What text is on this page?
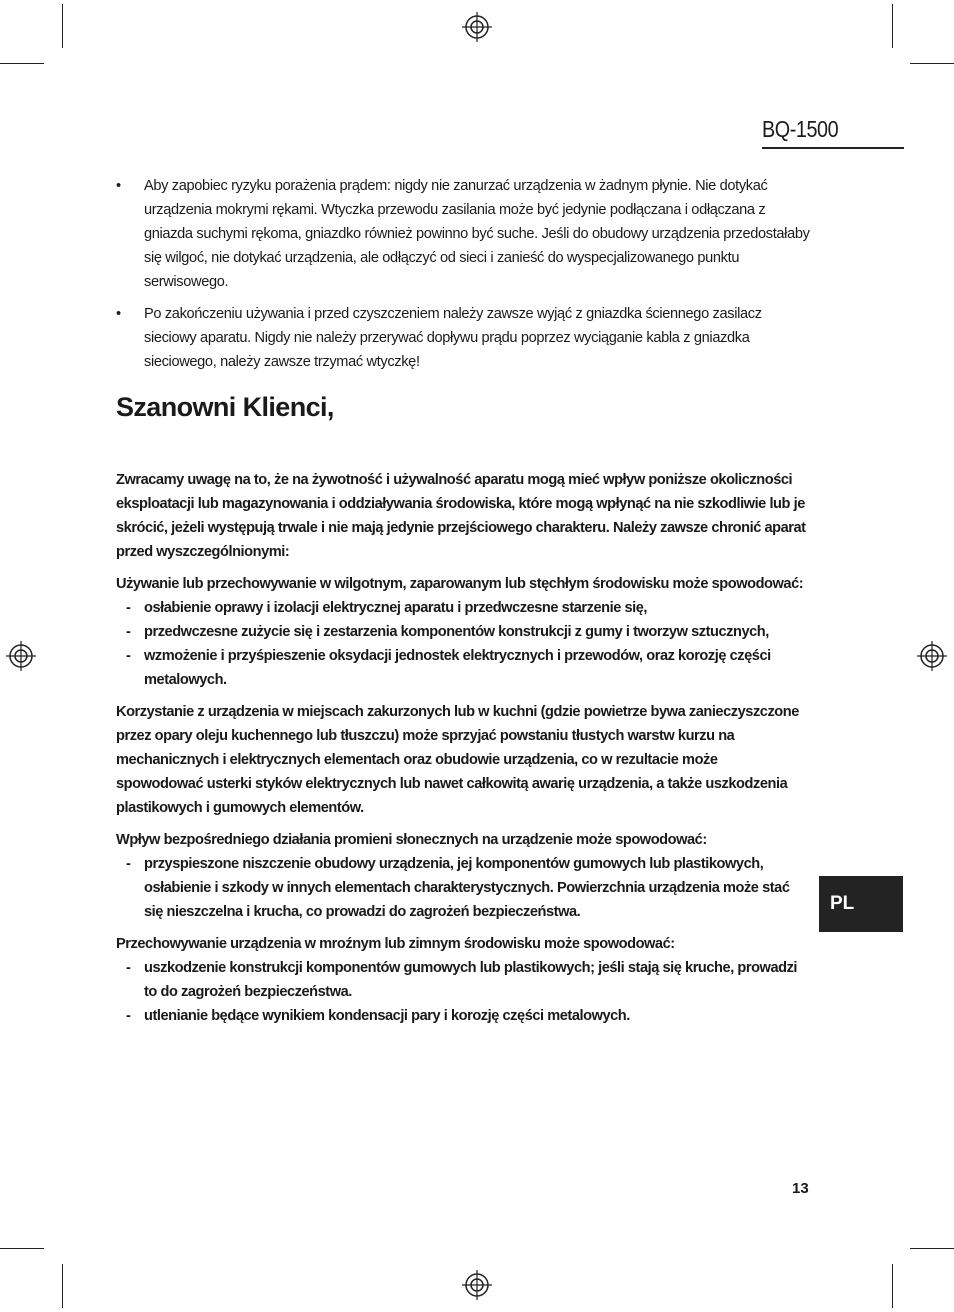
BQ-1500
• Aby zapobiec ryzyku porażenia prądem: nigdy nie zanurzać urządzenia w żadnym płynie. Nie dotykać urządzenia mokrymi rękami. Wtyczka przewodu zasilania może być jedynie podłączana i odłączana z gniazda suchymi rękoma, gniazdko również powinno być suche. Jeśli do obudowy urządzenia przedostałaby się wilgoć, nie dotykać urządzenia, ale odłączyć od sieci i zanieść do wyspecjalizowanego punktu serwisowego.
• Po zakończeniu używania i przed czyszczeniem należy zawsze wyjąć z gniazdka ściennego zasilacz sieciowy aparatu. Nigdy nie należy przerywać dopływu prądu poprzez wyciąganie kabla z gniazdka sieciowego, należy zawsze trzymać wtyczkę!
Szanowni Klienci,

Zwracamy uwagę na to, że na żywotność i używalność aparatu mogą mieć wpływ poniższe okoliczności eksploatacji lub magazynowania i oddziaływania środowiska, które mogą wpłynąć na nie szkodliwie lub je skrócić, jeżeli występują trwale i nie mają jedynie przejściowego charakteru. Należy zawsze chronić aparat przed wyszczególnionymi:

Używanie lub przechowywanie w wilgotnym, zaparowanym lub stęchłym środowisku może spowodować:

- osłabienie oprawy i izolacji elektrycznej aparatu i przedwczesne starzenie się,
- przedwczesne zużycie się i zestarzenia komponentów konstrukcji z gumy i tworzyw sztucznych,
- wzmożenie i przyśpieszenie oksydacji jednostek elektrycznych i przewodów, oraz korozję części metalowych.

Korzystanie z urządzenia w miejscach zakurzonych lub w kuchni (gdzie powietrze bywa zanieczyszczone przez opary oleju kuchennego lub tłuszczu) może sprzyjać powstaniu tłustych warstw kurzu na mechanicznych i elektrycznych elementach oraz obudowie urządzenia, co w rezultacie może spowodować usterki styków elektrycznych lub nawet całkowitą awarię urządzenia, a także uszkodzenia plastikowych i gumowych elementów.

Wpływ bezpośredniego działania promieni słonecznych na urządzenie może spowodować:

- przyspieszone niszczenie obudowy urządzenia, jej komponentów gumowych lub plastikowych, osłabienie i szkody w innych elementach charakterystycznych. Powierzchnia urządzenia może stać się nieszczelna i krucha, co prowadzi do zagrożeń bezpieczeństwa.

Przechowywanie urządzenia w mroźnym lub zimnym środowisku może spowodować:

- uszkodzenie konstrukcji komponentów gumowych lub plastikowych; jeśli stają się kruche, prowadzi to do zagrożeń bezpieczeństwa.
- utlenianie będące wynikiem kondensacji pary i korozję części metalowych.
PL
13
